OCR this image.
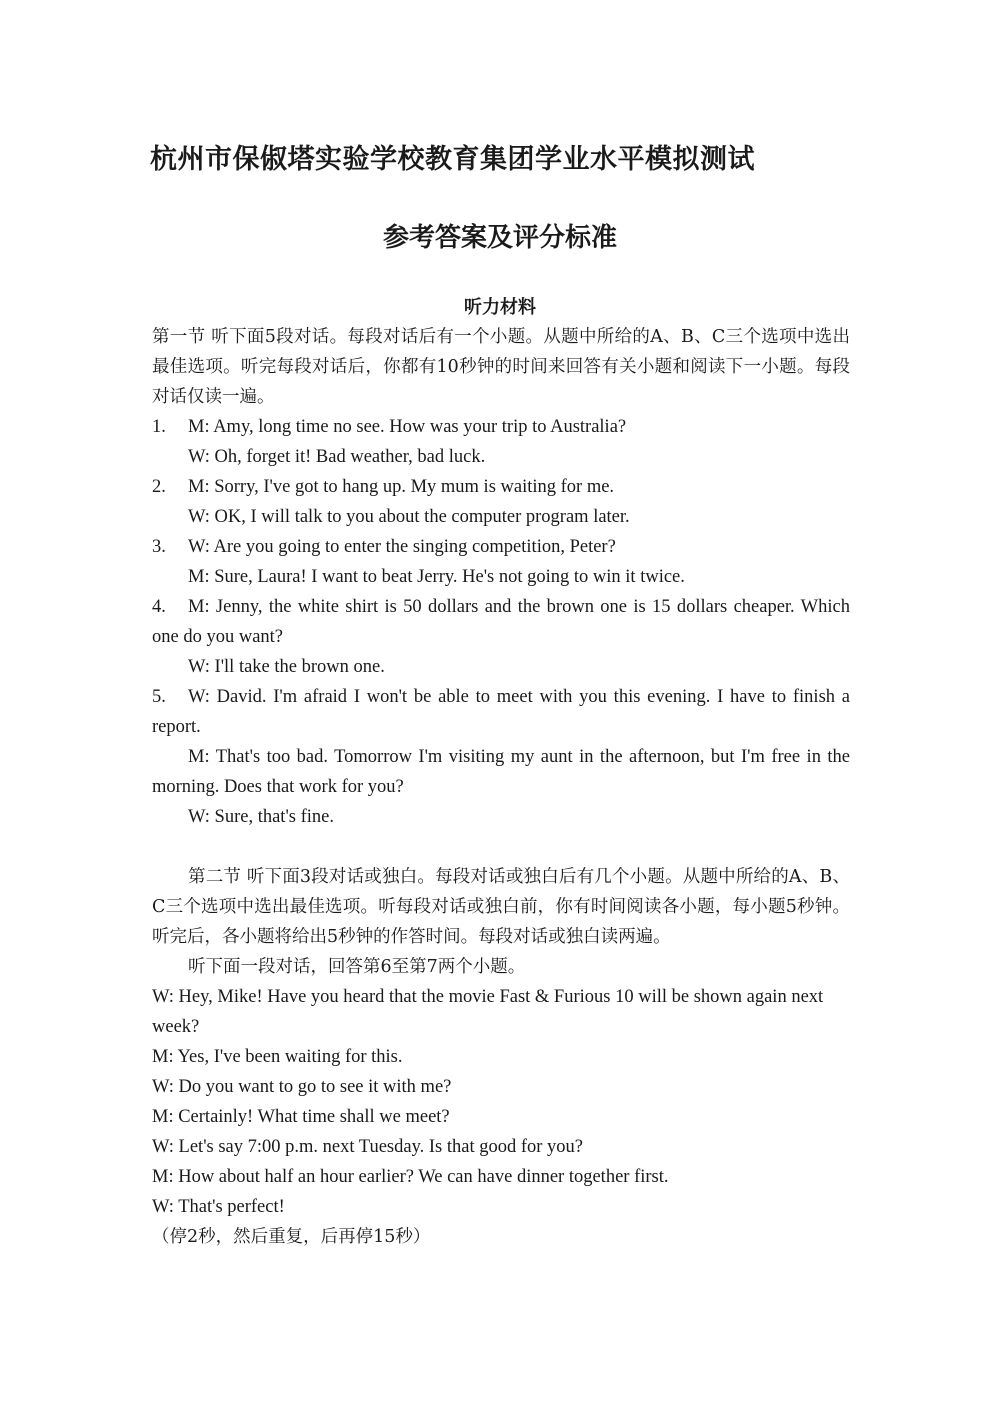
杭州市保俶塔实验学校教育集团学业水平模拟测试
参考答案及评分标准
听力材料

第一节 听下面5段对话。每段对话后有一个小题。从题中所给的A、B、C三个选项中选出最佳选项。听完每段对话后，你都有10秒钟的时间来回答有关小题和阅读下一小题。每段对话仅读一遍。

1.	M: Amy, long time no see. How was your trip to Australia?

W: Oh, forget it! Bad weather, bad luck.

2.	M: Sorry, I've got to hang up. My mum is waiting for me.

W: OK, I will talk to you about the computer program later.

3.	W: Are you going to enter the singing competition, Peter?

M: Sure, Laura! I want to beat Jerry. He's not going to win it twice.

4. M: Jenny, the white shirt is 50 dollars and the brown one is 15 dollars cheaper. Which one do you want?

W: I'll take the brown one.

5. W: David. I'm afraid I won't be able to meet with you this evening. I have to finish a report.

M: That's too bad. Tomorrow I'm visiting my aunt in the afternoon, but I'm free in the morning. Does that work for you?

W: Sure, that's fine.

第二节 听下面3段对话或独白。每段对话或独白后有几个小题。从题中所给的A、B、C三个选项中选出最佳选项。听每段对话或独白前，你有时间阅读各小题，每小题5秒钟。听完后，各小题将给出5秒钟的作答时间。每段对话或独白读两遍。

听下面一段对话，回答第6至第7两个小题。

W: Hey, Mike! Have you heard that the movie Fast & Furious 10 will be shown again next week?

M: Yes, I've been waiting for this.

W: Do you want to go to see it with me?

M: Certainly! What time shall we meet?

W: Let's say 7:00 p.m. next Tuesday. Is that good for you?

M: How about half an hour earlier? We can have dinner together first.

W: That's perfect!

（停2秒，然后重复，后再停15秒）
